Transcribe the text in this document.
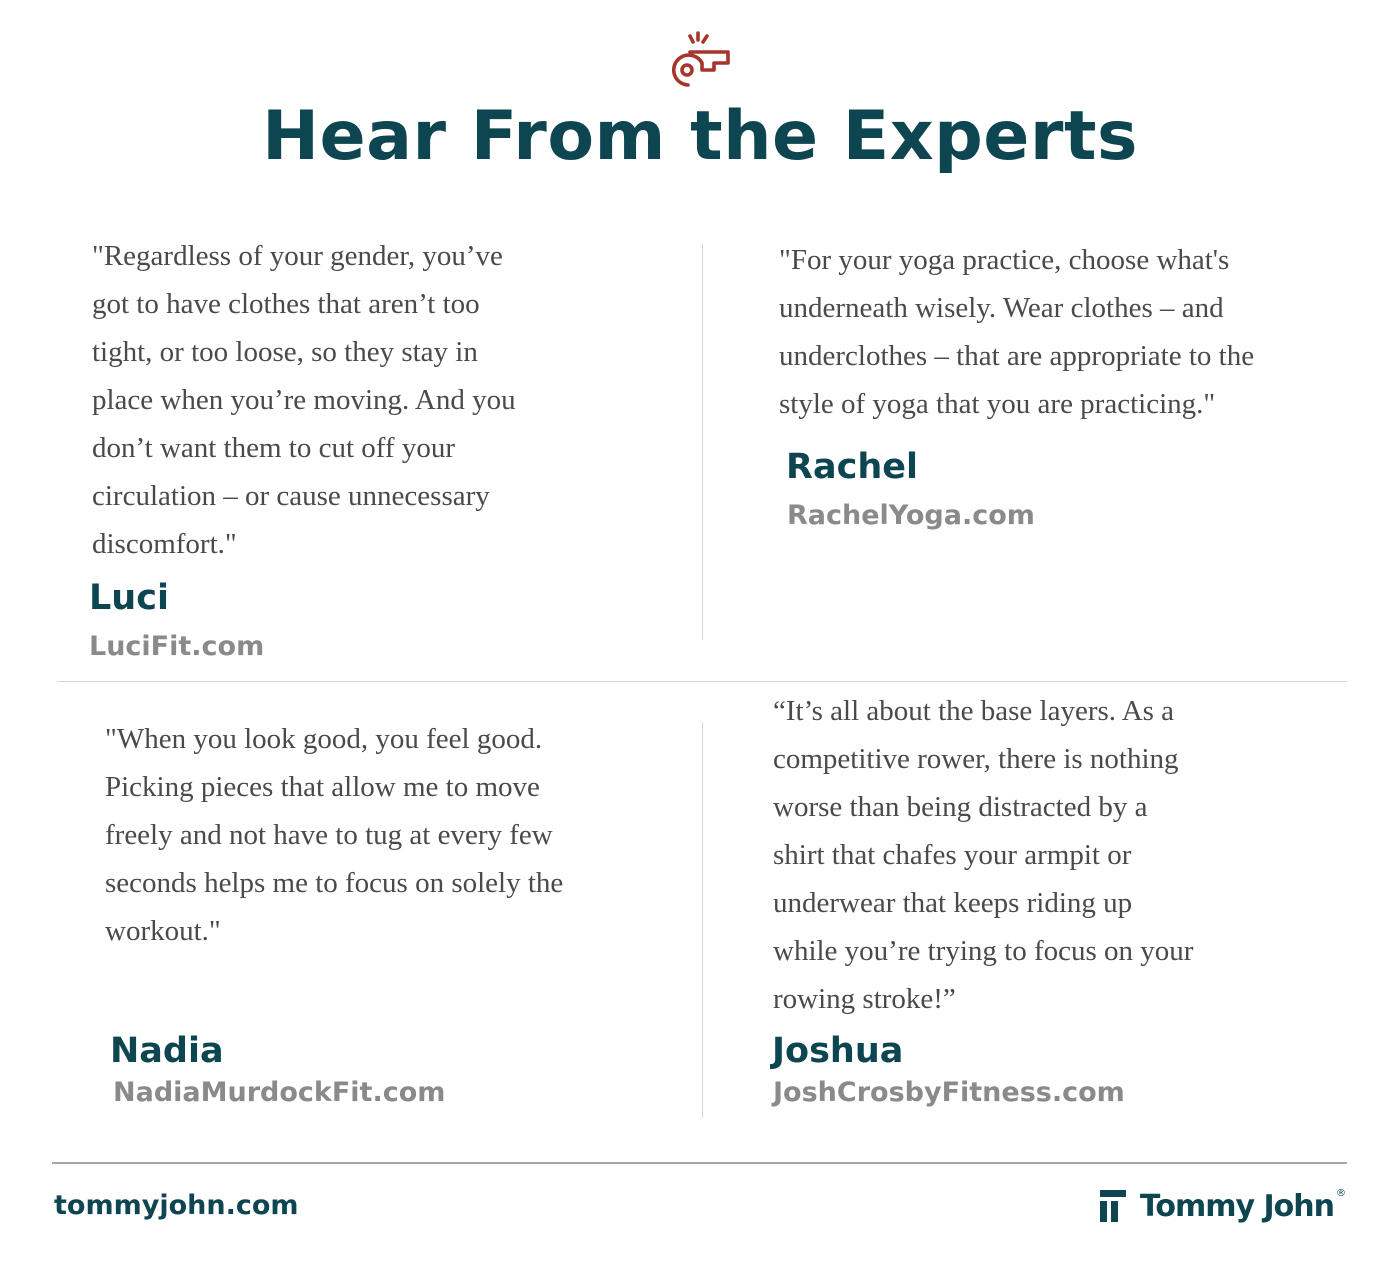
Hear From the Experts

"Regardless of your gender, you’ve
got to have clothes that aren’t too
tight, or too loose, so they stay in
place when you’re moving. And you
don’t want them to cut off your
circulation – or cause unnecessary
discomfort."

Luci

LuciFit.com

"For your yoga practice, choose what's
underneath wisely. Wear clothes – and
underclothes – that are appropriate to the
style of yoga that you are practicing."

Rachel

RachelYoga.com

"When you look good, you feel good.
Picking pieces that allow me to move
freely and not have to tug at every few
seconds helps me to focus on solely the
workout."

Nadia

NadiaMurdockFit.com

“It’s all about the base layers. As a
competitive rower, there is nothing
worse than being distracted by a
shirt that chafes your armpit or
underwear that keeps riding up
while you’re trying to focus on your
rowing stroke!”

Joshua

JoshCrosbyFitness.com

tommyjohn.com	Tommy John ®
